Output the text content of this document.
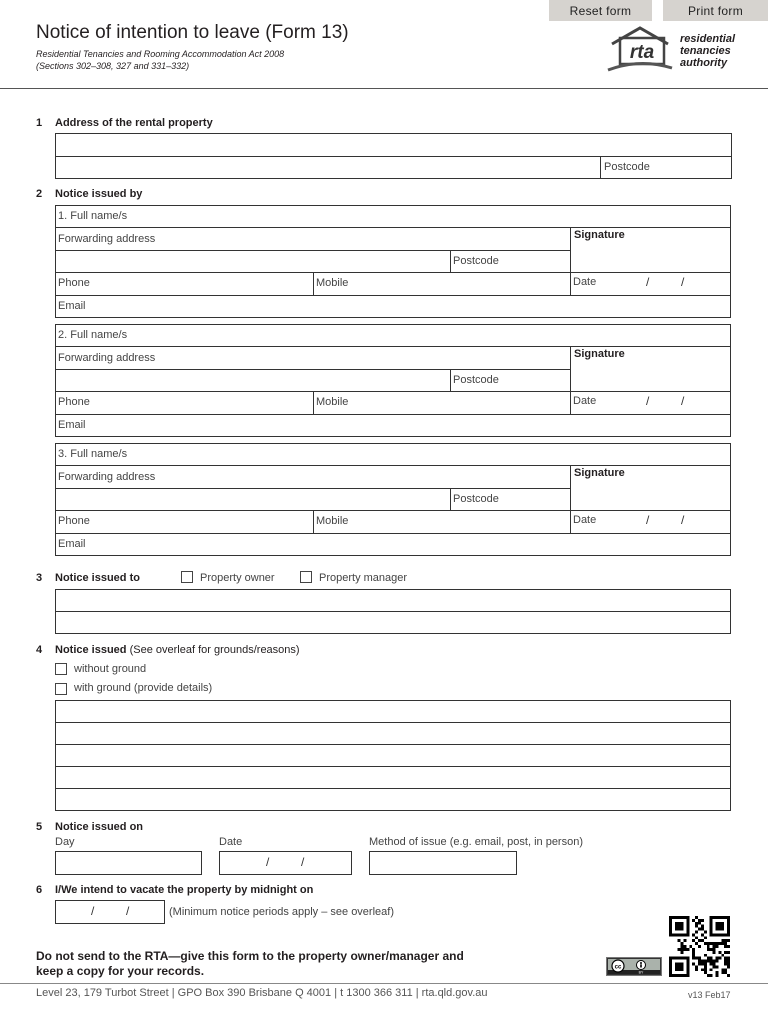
Reset form	Print form
Notice of intention to leave (Form 13)
Residential Tenancies and Rooming Accommodation Act 2008
(Sections 302–308, 327 and 331–332)
rta
residential
tenancies
authority
1 Address of the rental property
Postcode
2 Notice issued by
1. Full name/s
Forwarding address	Signature
Postcode
Phone	Mobile	Date	/	/
Email
2. Full name/s
Forwarding address	Signature
Postcode
Phone	Mobile	Date	/	/
Email
3. Full name/s
Forwarding address	Signature
Postcode
Phone	Mobile	Date	/	/
Email
3 Notice issued to	Property owner	Property manager
4 Notice issued (See overleaf for grounds/reasons)
without ground
with ground (provide details)
5 Notice issued on
Day	Date	Method of issue (e.g. email, post, in person)
/	/
6 I/We intend to vacate the property by midnight on
/	/	(Minimum notice periods apply – see overleaf)
Do not send to the RTA—give this form to the property owner/manager and
keep a copy for your records.	cc
BY
Level 23, 179 Turbot Street | GPO Box 390 Brisbane Q 4001 | t 1300 366 311 | rta.qld.gov.au	v13 Feb17
